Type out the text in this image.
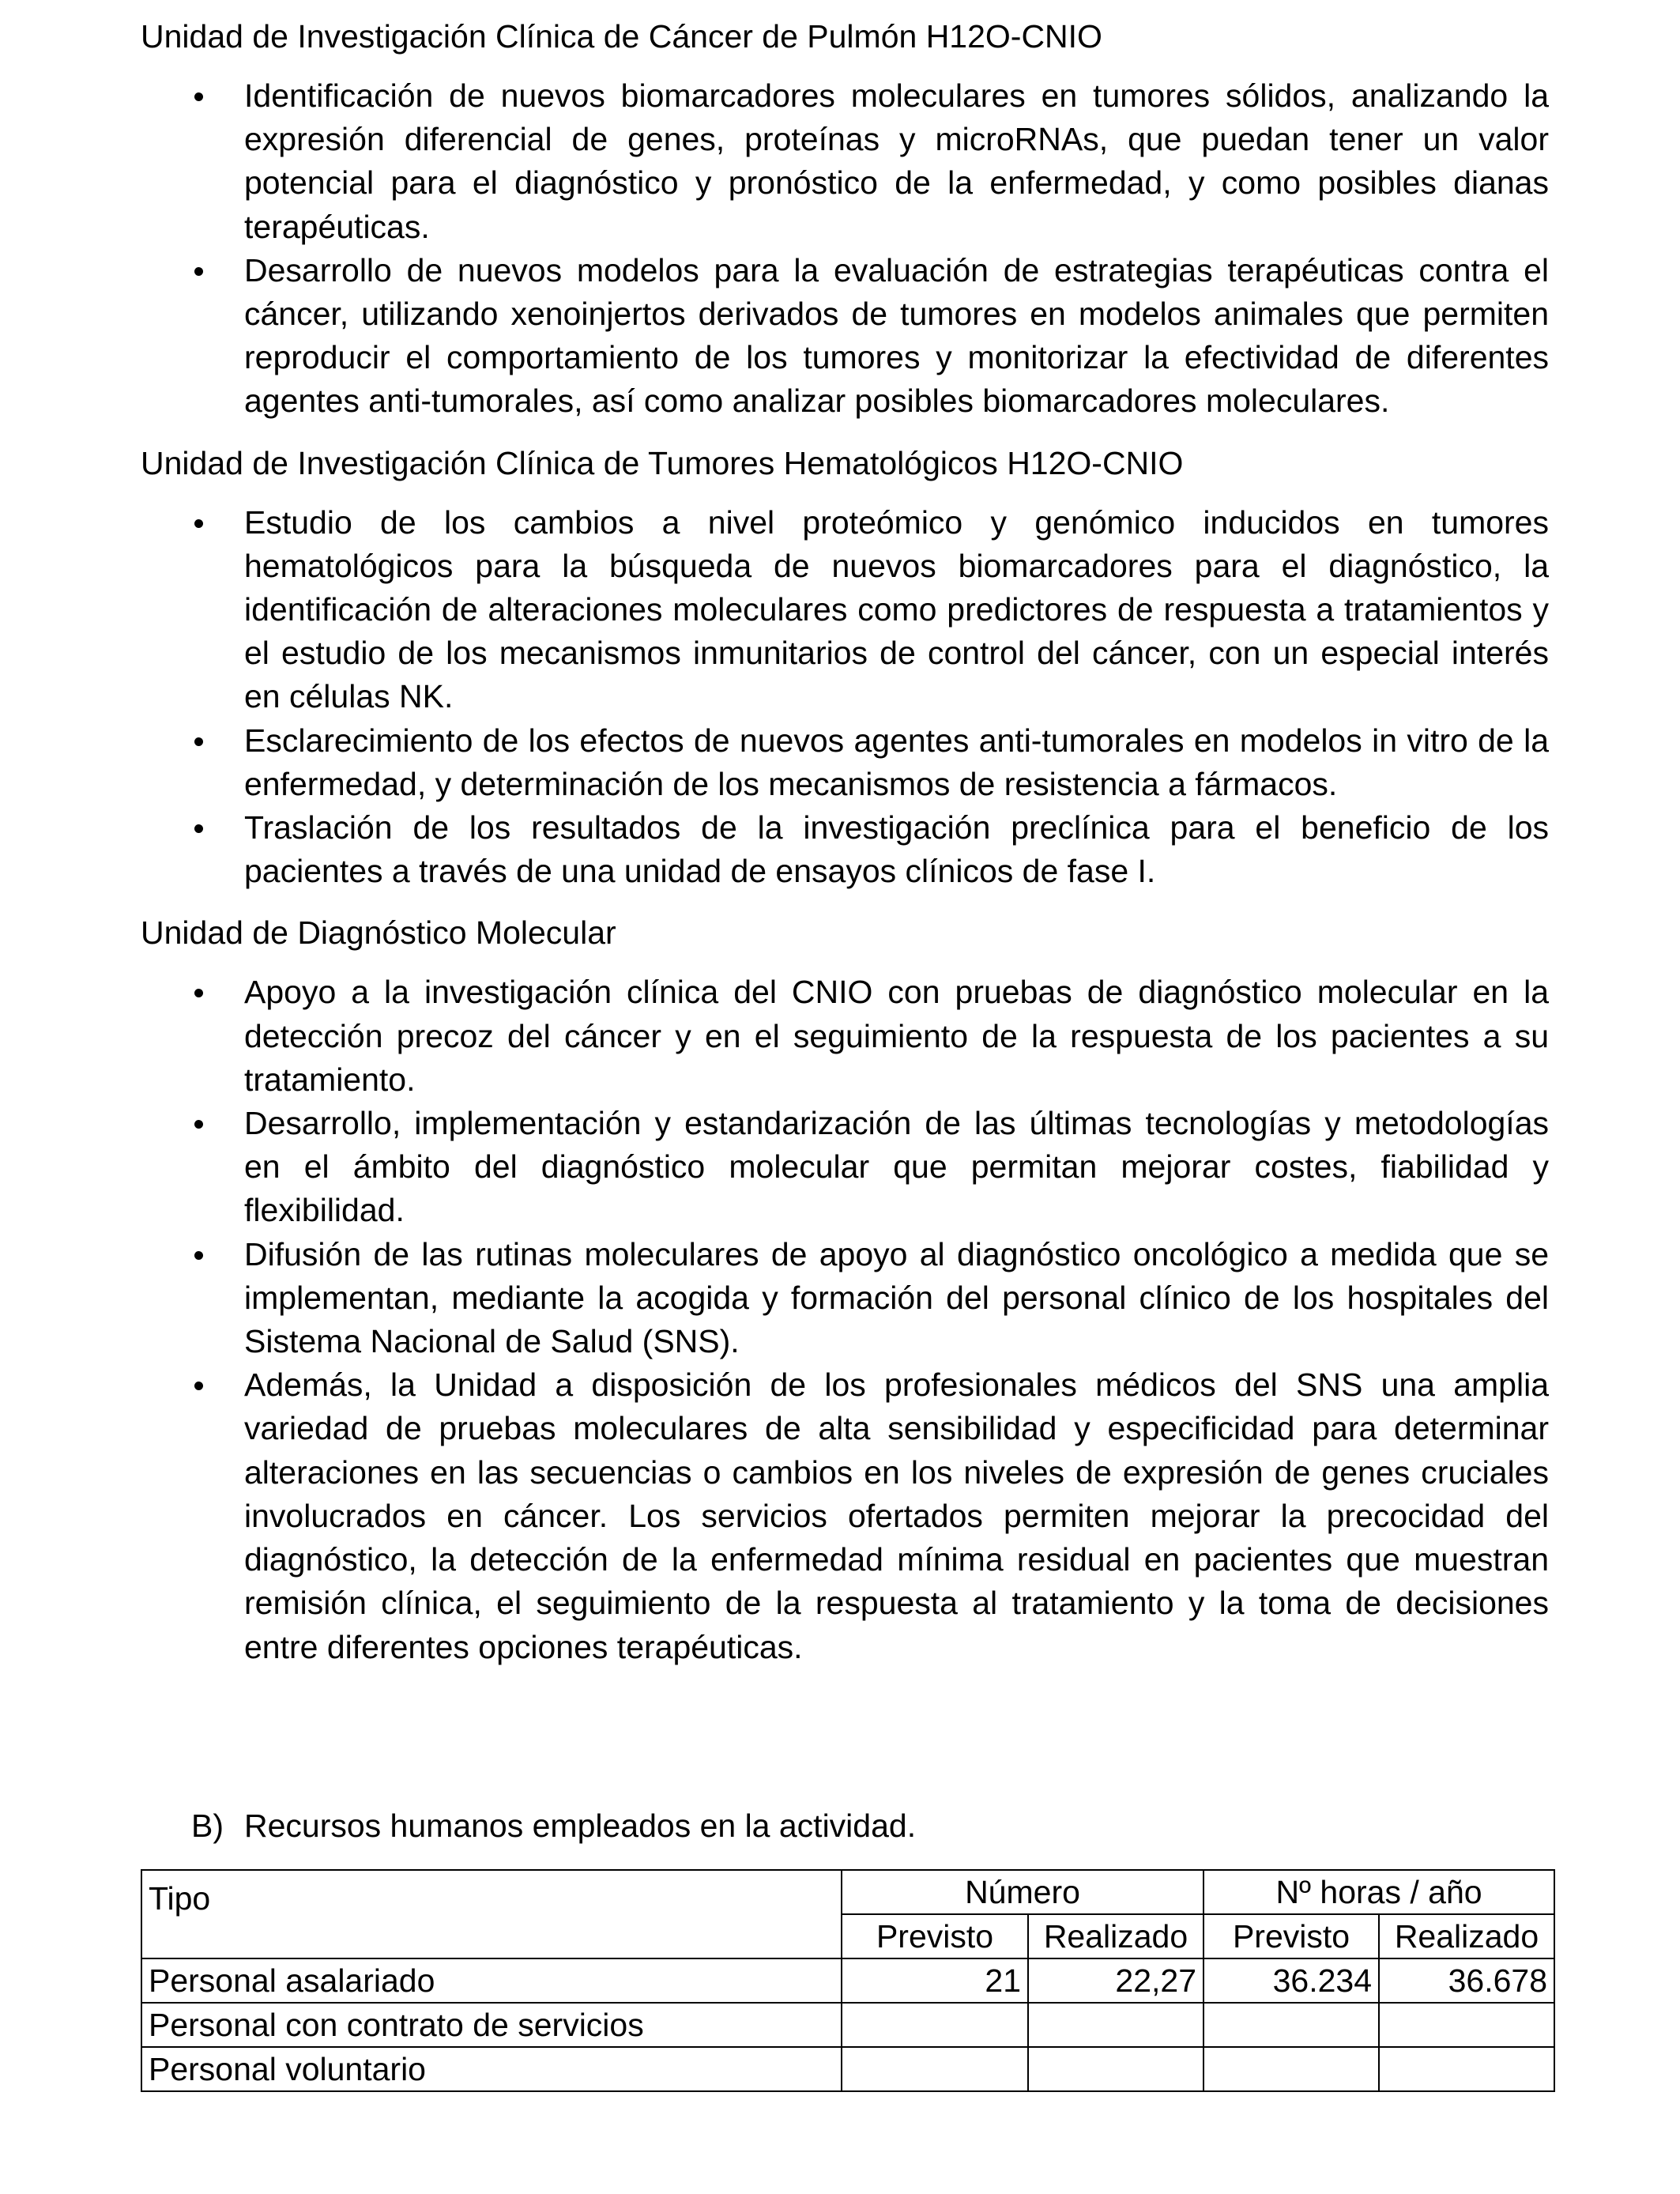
Unidad de Investigación Clínica de Cáncer de Pulmón H12O-CNIO

Identificación de nuevos biomarcadores moleculares en tumores sólidos, analizando la expresión diferencial de genes, proteínas y microRNAs, que puedan tener un valor potencial para el diagnóstico y pronóstico de la enfermedad, y como posibles dianas terapéuticas.
Desarrollo de nuevos modelos para la evaluación de estrategias terapéuticas contra el cáncer, utilizando xenoinjertos derivados de tumores en modelos animales que permiten reproducir el comportamiento de los tumores y monitorizar la efectividad de diferentes agentes anti-tumorales, así como analizar posibles biomarcadores moleculares.

Unidad de Investigación Clínica de Tumores Hematológicos H12O-CNIO

Estudio de los cambios a nivel proteómico y genómico inducidos en tumores hematológicos para la búsqueda de nuevos biomarcadores para el diagnóstico, la identificación de alteraciones moleculares como predictores de respuesta a tratamientos y el estudio de los mecanismos inmunitarios de control del cáncer, con un especial interés en células NK.
Esclarecimiento de los efectos de nuevos agentes anti-tumorales en modelos in vitro de la enfermedad, y determinación de los mecanismos de resistencia a fármacos.
Traslación de los resultados de la investigación preclínica para el beneficio de los pacientes a través de una unidad de ensayos clínicos de fase I.

Unidad de Diagnóstico Molecular

Apoyo a la investigación clínica del CNIO con pruebas de diagnóstico molecular en la detección precoz del cáncer y en el seguimiento de la respuesta de los pacientes a su tratamiento.
Desarrollo, implementación y estandarización de las últimas tecnologías y metodologías en el ámbito del diagnóstico molecular que permitan mejorar costes, fiabilidad y flexibilidad.
Difusión de las rutinas moleculares de apoyo al diagnóstico oncológico a medida que se implementan, mediante la acogida y formación del personal clínico de los hospitales del Sistema Nacional de Salud (SNS).
Además, la Unidad a disposición de los profesionales médicos del SNS una amplia variedad de pruebas moleculares de alta sensibilidad y especificidad para determinar alteraciones en las secuencias o cambios en los niveles de expresión de genes cruciales involucrados en cáncer. Los servicios ofertados permiten mejorar la precocidad del diagnóstico, la detección de la enfermedad mínima residual en pacientes que muestran remisión clínica, el seguimiento de la respuesta al tratamiento y la toma de decisiones entre diferentes opciones terapéuticas.
B) Recursos humanos empleados en la actividad.
Tipo	Número		Nº horas / año	
	Previsto	Realizado	Previsto	Realizado
Personal asalariado	21	22,27	36.234	36.678
Personal con contrato de servicios				
Personal voluntario				
